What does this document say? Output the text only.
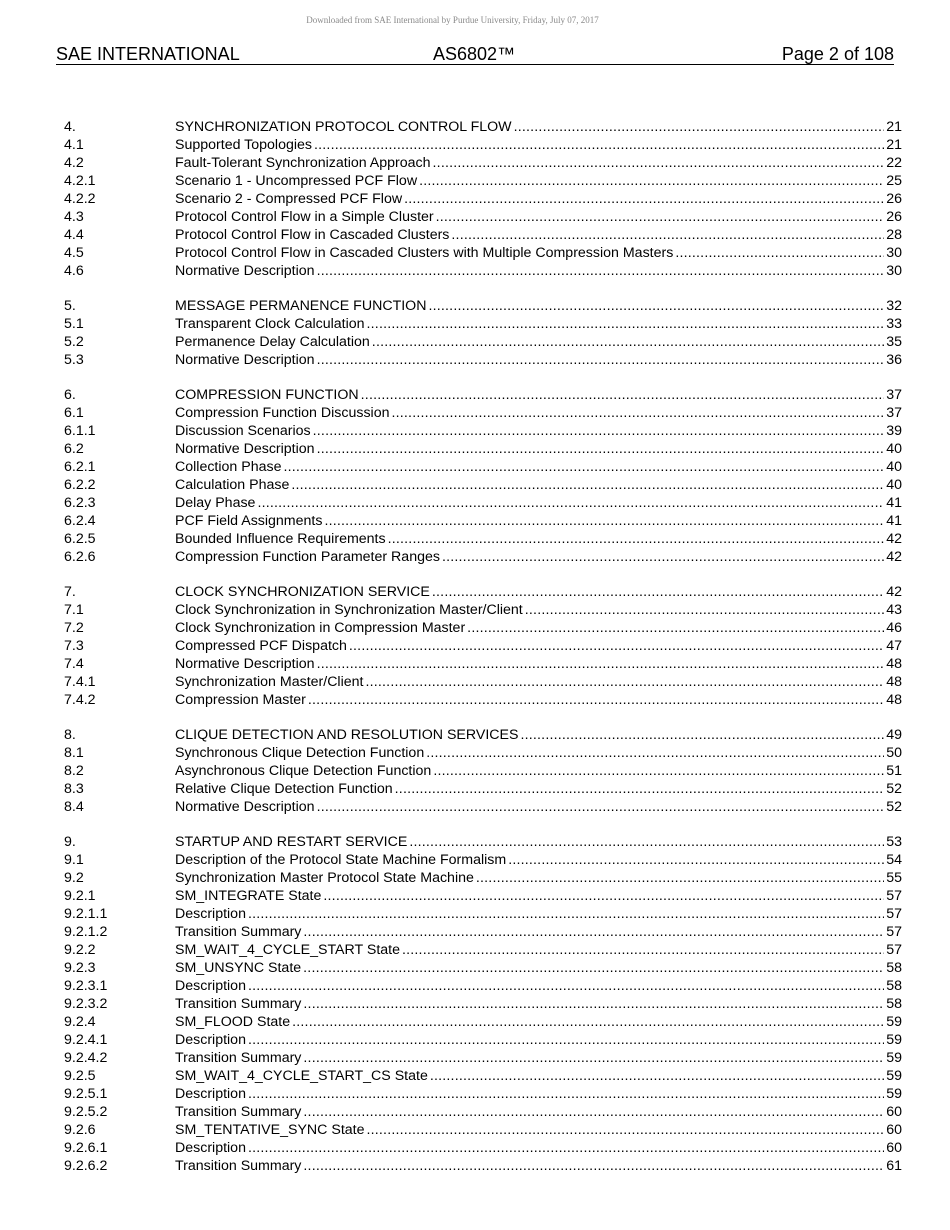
Downloaded from SAE International by Purdue University, Friday, July 07, 2017
SAE INTERNATIONAL	AS6802™	Page 2 of 108
4.	SYNCHRONIZATION PROTOCOL CONTROL FLOW .....	21
4.1	Supported Topologies .....	21
4.2	Fault-Tolerant Synchronization Approach .....	22
4.2.1	Scenario 1 - Uncompressed PCF Flow .....	25
4.2.2	Scenario 2 - Compressed PCF Flow .....	26
4.3	Protocol Control Flow in a Simple Cluster .....	26
4.4	Protocol Control Flow in Cascaded Clusters .....	28
4.5	Protocol Control Flow in Cascaded Clusters with Multiple Compression Masters .....	30
4.6	Normative Description .....	30
5.	MESSAGE PERMANENCE FUNCTION .....	32
5.1	Transparent Clock Calculation .....	33
5.2	Permanence Delay Calculation .....	35
5.3	Normative Description .....	36
6.	COMPRESSION FUNCTION .....	37
6.1	Compression Function Discussion .....	37
6.1.1	Discussion Scenarios .....	39
6.2	Normative Description .....	40
6.2.1	Collection Phase .....	40
6.2.2	Calculation Phase .....	40
6.2.3	Delay Phase .....	41
6.2.4	PCF Field Assignments .....	41
6.2.5	Bounded Influence Requirements .....	42
6.2.6	Compression Function Parameter Ranges .....	42
7.	CLOCK SYNCHRONIZATION SERVICE .....	42
7.1	Clock Synchronization in Synchronization Master/Client .....	43
7.2	Clock Synchronization in Compression Master .....	46
7.3	Compressed PCF Dispatch .....	47
7.4	Normative Description .....	48
7.4.1	Synchronization Master/Client .....	48
7.4.2	Compression Master .....	48
8.	CLIQUE DETECTION AND RESOLUTION SERVICES .....	49
8.1	Synchronous Clique Detection Function .....	50
8.2	Asynchronous Clique Detection Function .....	51
8.3	Relative Clique Detection Function .....	52
8.4	Normative Description .....	52
9.	STARTUP AND RESTART SERVICE .....	53
9.1	Description of the Protocol State Machine Formalism .....	54
9.2	Synchronization Master Protocol State Machine .....	55
9.2.1	SM_INTEGRATE State .....	57
9.2.1.1	Description .....	57
9.2.1.2	Transition Summary .....	57
9.2.2	SM_WAIT_4_CYCLE_START State .....	57
9.2.3	SM_UNSYNC State .....	58
9.2.3.1	Description .....	58
9.2.3.2	Transition Summary .....	58
9.2.4	SM_FLOOD State .....	59
9.2.4.1	Description .....	59
9.2.4.2	Transition Summary .....	59
9.2.5	SM_WAIT_4_CYCLE_START_CS State .....	59
9.2.5.1	Description .....	59
9.2.5.2	Transition Summary .....	60
9.2.6	SM_TENTATIVE_SYNC State .....	60
9.2.6.1	Description .....	60
9.2.6.2	Transition Summary .....	61
